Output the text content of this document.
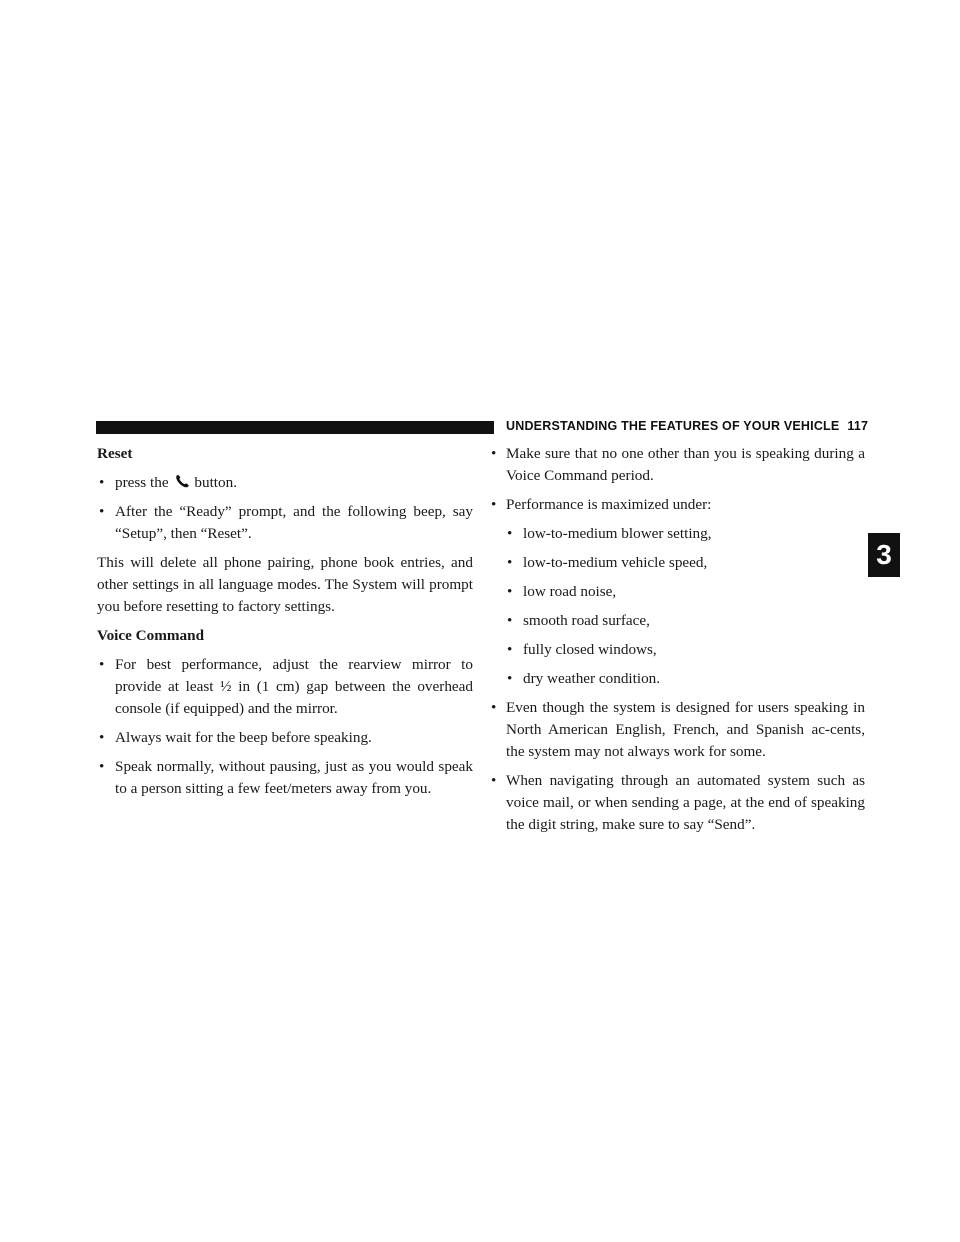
UNDERSTANDING THE FEATURES OF YOUR VEHICLE 117
3

Reset

• press the button.

• After the “Ready” prompt, and the following beep, say “Setup”, then “Reset”.

This will delete all phone pairing, phone book entries, and other settings in all language modes. The System will prompt you before resetting to factory settings.

Voice Command

• For best performance, adjust the rearview mirror to provide at least ½ in (1 cm) gap between the overhead console (if equipped) and the mirror.

• Always wait for the beep before speaking.

• Speak normally, without pausing, just as you would speak to a person sitting a few feet/meters away from you.

• Make sure that no one other than you is speaking during a Voice Command period.

• Performance is maximized under:

• low-to-medium blower setting,

• low-to-medium vehicle speed,

• low road noise,

• smooth road surface,

• fully closed windows,

• dry weather condition.

• Even though the system is designed for users speaking in North American English, French, and Spanish ac-cents, the system may not always work for some.

• When navigating through an automated system such as voice mail, or when sending a page, at the end of speaking the digit string, make sure to say “Send”.
